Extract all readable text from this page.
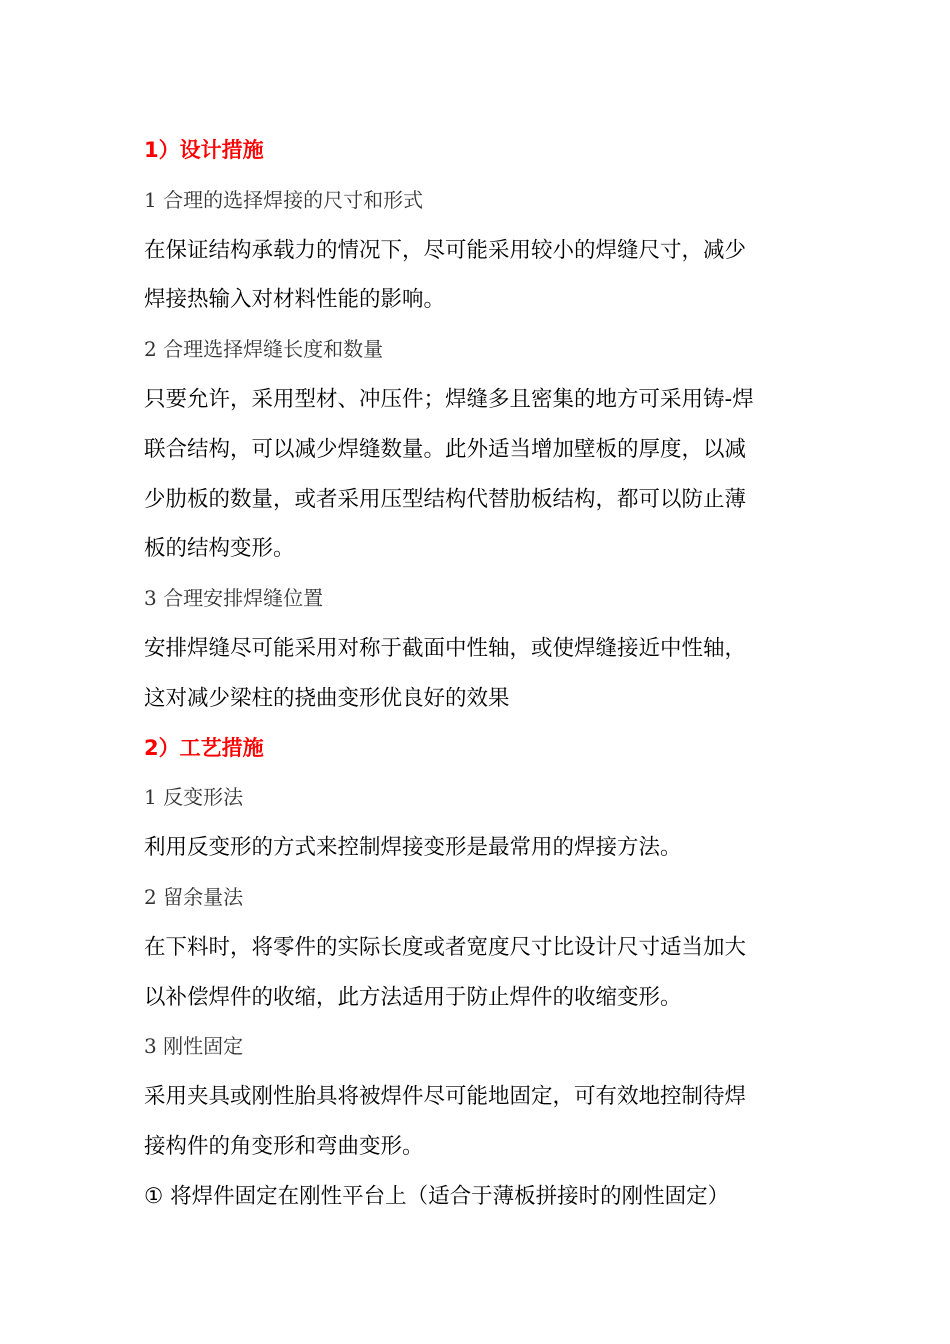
1）设计措施
1 合理的选择焊接的尺寸和形式
在保证结构承载力的情况下，尽可能采用较小的焊缝尺寸，减少
焊接热输入对材料性能的影响。
2 合理选择焊缝长度和数量
只要允许，采用型材、冲压件；焊缝多且密集的地方可采用铸-焊
联合结构，可以减少焊缝数量。此外适当增加壁板的厚度，以减
少肋板的数量，或者采用压型结构代替肋板结构，都可以防止薄
板的结构变形。
3 合理安排焊缝位置
安排焊缝尽可能采用对称于截面中性轴，或使焊缝接近中性轴，
这对减少梁柱的挠曲变形优良好的效果
2）工艺措施
1 反变形法
利用反变形的方式来控制焊接变形是最常用的焊接方法。
2 留余量法
在下料时，将零件的实际长度或者宽度尺寸比设计尺寸适当加大
以补偿焊件的收缩，此方法适用于防止焊件的收缩变形。
3 刚性固定
采用夹具或刚性胎具将被焊件尽可能地固定，可有效地控制待焊
接构件的角变形和弯曲变形。
① 将焊件固定在刚性平台上（适合于薄板拼接时的刚性固定）
